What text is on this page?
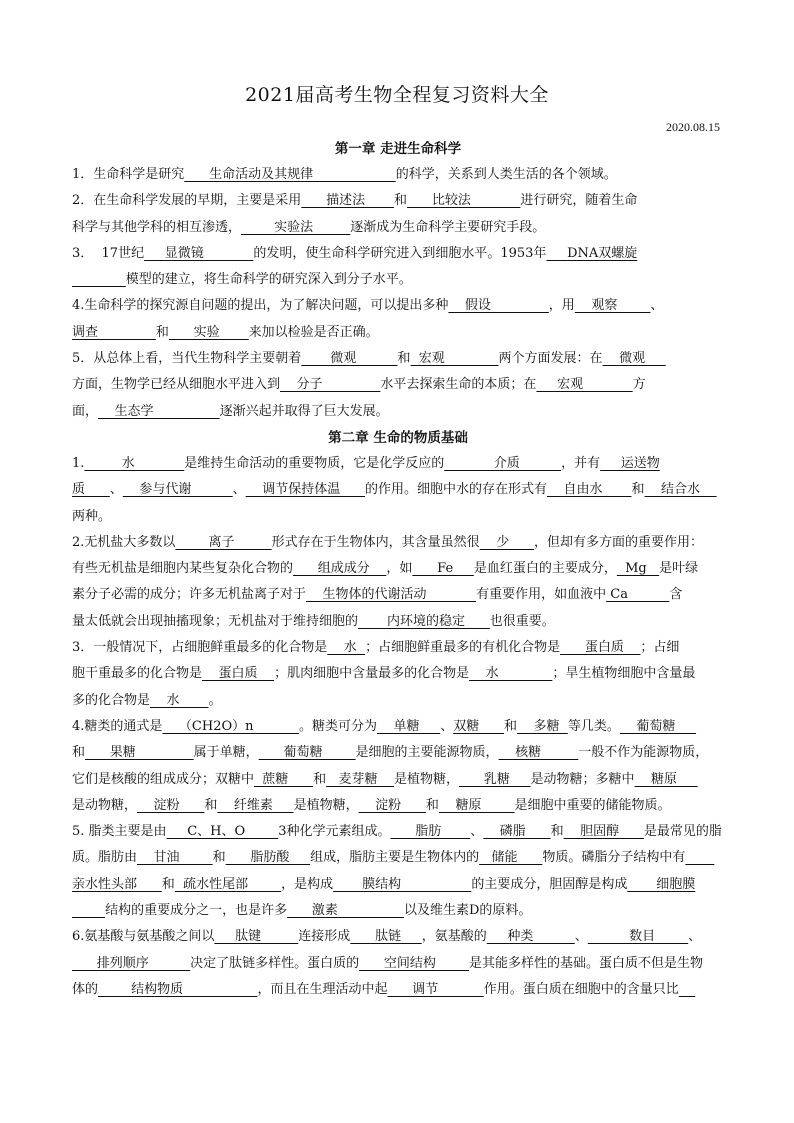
2021届高考生物全程复习资料大全
2020.08.15
第一章 走进生命科学

1．生命科学是研究      生命活动及其规律                    的科学，关系到人类生活的各个领域。

2．在生命科学发展的早期，主要是采用      描述法       和      比较法            进行研究，随着生命

科学与其他学科的相互渗透，        实验法         逐渐成为生命科学主要研究手段。

3．  17世纪     显微镜            的发明，使生命科学研究进入到细胞水平。1953年     DNA双螺旋

模型的建立，将生命科学的研究深入到分子水平。

4.生命科学的探究源自问题的提出，为了解决问题，可以提出多种    假设              ，用    观察        、

调查              和      实验       来加以检验是否正确。

5．从总体上看，当代生物科学主要朝着       微观          和  宏观             两个方面发展：在    微观

方面，生物学已经从细胞水平进入到    分子              水平去探索生命的本质；在     宏观            方

面，    生态学                逐渐兴起并取得了巨大发展。

第二章 生命的物质基础

1.         水            是维持生命活动的重要物质，它是化学反应的            介质          ，并有     运送物

质      、    参与代谢          、    调节保持体温      的作用。细胞中水的存在形式有    自由水       和    结合水

两种。

2.无机盐大多数以        离子         形式存在于生物体内，其含量虽然很    少      ，但却有多方面的重要作用：

有些无机盐是细胞内某些复杂化合物的      组成成分    ，如      Fe     是血红蛋白的主要成分，  Mg   是叶绿

素分子必需的成分；许多无机盐离子对于    生物体的代谢活动            有重要作用，如血液中 Ca          含

量太低就会出现抽搐现象；无机盐对于维持细胞的       内环境的稳定      也很重要。

3．一般情况下，占细胞鲜重最多的化合物是    水  ；占细胞鲜重最多的有机化合物是      蛋白质    ；占细

胞干重最多的化合物是    蛋白质    ；肌肉细胞中含量最多的化合物是    水             ；旱生植物细胞中含量最

多的化合物是    水       。

4.糖类的通式是    （CH2O）n           。糖类可分为    单糖     、双糖      和    多糖  等几类。    葡萄糖

和      果糖              属于单糖，      葡萄糖        是细胞的主要能源物质，    核糖         一般不作为能源物质，

它们是核酸的组成成分；双糖中  蔗糖      和   麦芽糖    是植物糖，      乳糖     是动物糖；多糖中    糖原

是动物糖，    淀粉      和    纤维素     是植物糖，    淀粉      和    糖原        是细胞中重要的储能物质。

5. 脂类主要是由     C、H、O        3种化学元素组成。      脂肪       、    磷脂      和    胆固醇      是最常见的脂

质。脂肪由    甘油        和      脂肪酸     组成，脂肪主要是生物体内的   储能      物质。磷脂分子结构中有

亲水性头部      和  疏水性尾部        ，是构成       膜结构                 的主要成分，胆固醇是构成       细胞膜

结构的重要成分之一，也是许多      激素                以及维生素D的原料。

6.氨基酸与氨基酸之间以     肽键         连接形成      肽链     ，氨基酸的     种类          、          数目        、

排列顺序          决定了肽链多样性。蛋白质的      空间结构        是其能多样性的基础。蛋白质不但是生物

体的        结构物质                  ，而且在生理活动中起      调节           作用。蛋白质在细胞中的含量只比
